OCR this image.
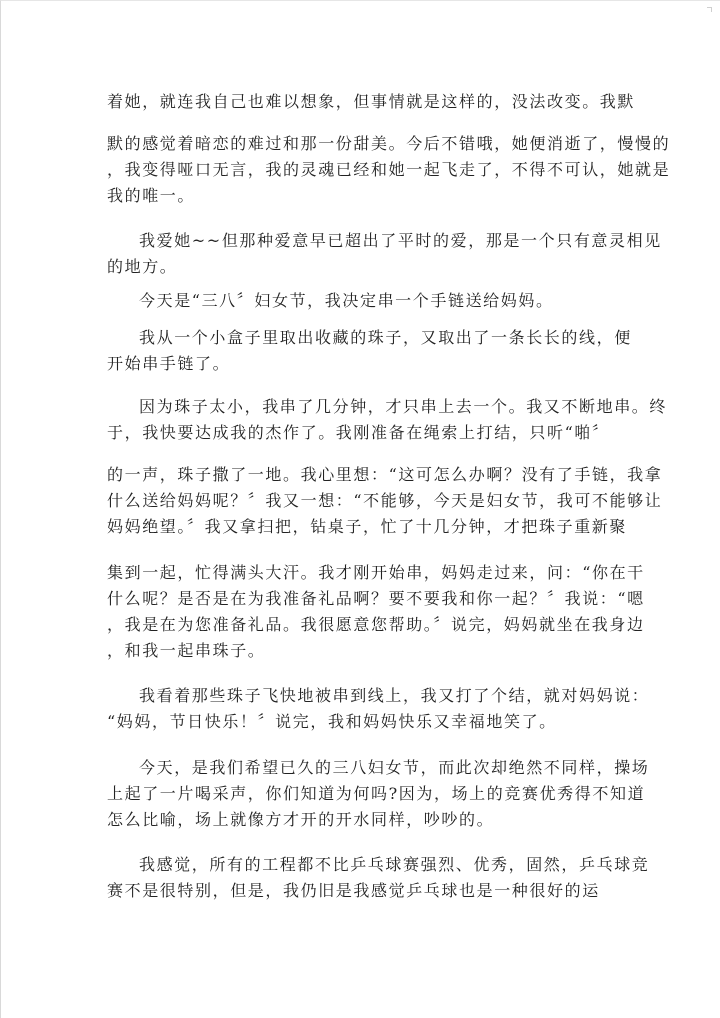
着她，就连我自己也难以想象，但事情就是这样的，没法改变。我默
默的感觉着暗恋的难过和那一份甜美。今后不错哦，她便消逝了，慢慢的
，我变得哑口无言，我的灵魂已经和她一起飞走了，不得不可认，她就是
我的唯一。
我爱她~~但那种爱意早已超出了平时的爱，那是一个只有意灵相见
的地方。
今天是“三八〞妇女节，我决定串一个手链送给妈妈。
我从一个小盒子里取出收藏的珠子，又取出了一条长长的线，便
开始串手链了。
因为珠子太小，我串了几分钟，才只串上去一个。我又不断地串。终
于，我快要达成我的杰作了。我刚准备在绳索上打结，只听“啪〞
的一声，珠子撒了一地。我心里想：“这可怎么办啊？没有了手链，我拿
什么送给妈妈呢？〞我又一想：“不能够，今天是妇女节，我可不能够让
妈妈绝望。〞我又拿扫把，钻桌子，忙了十几分钟，才把珠子重新聚
集到一起，忙得满头大汗。我才刚开始串，妈妈走过来，问：“你在干
什么呢？是否是在为我准备礼品啊？要不要我和你一起？〞我说：“嗯
，我是在为您准备礼品。我很愿意您帮助。〞说完，妈妈就坐在我身边
，和我一起串珠子。
我看着那些珠子飞快地被串到线上，我又打了个结，就对妈妈说：
“妈妈，节日快乐！〞说完，我和妈妈快乐又幸福地笑了。
今天，是我们希望已久的三八妇女节，而此次却绝然不同样，操场
上起了一片喝采声，你们知道为何吗?因为，场上的竞赛优秀得不知道
怎么比喻，场上就像方才开的开水同样，吵吵的。
我感觉，所有的工程都不比乒乓球赛强烈、优秀，固然，乒乓球竞
赛不是很特别，但是，我仍旧是我感觉乒乓球也是一种很好的运
